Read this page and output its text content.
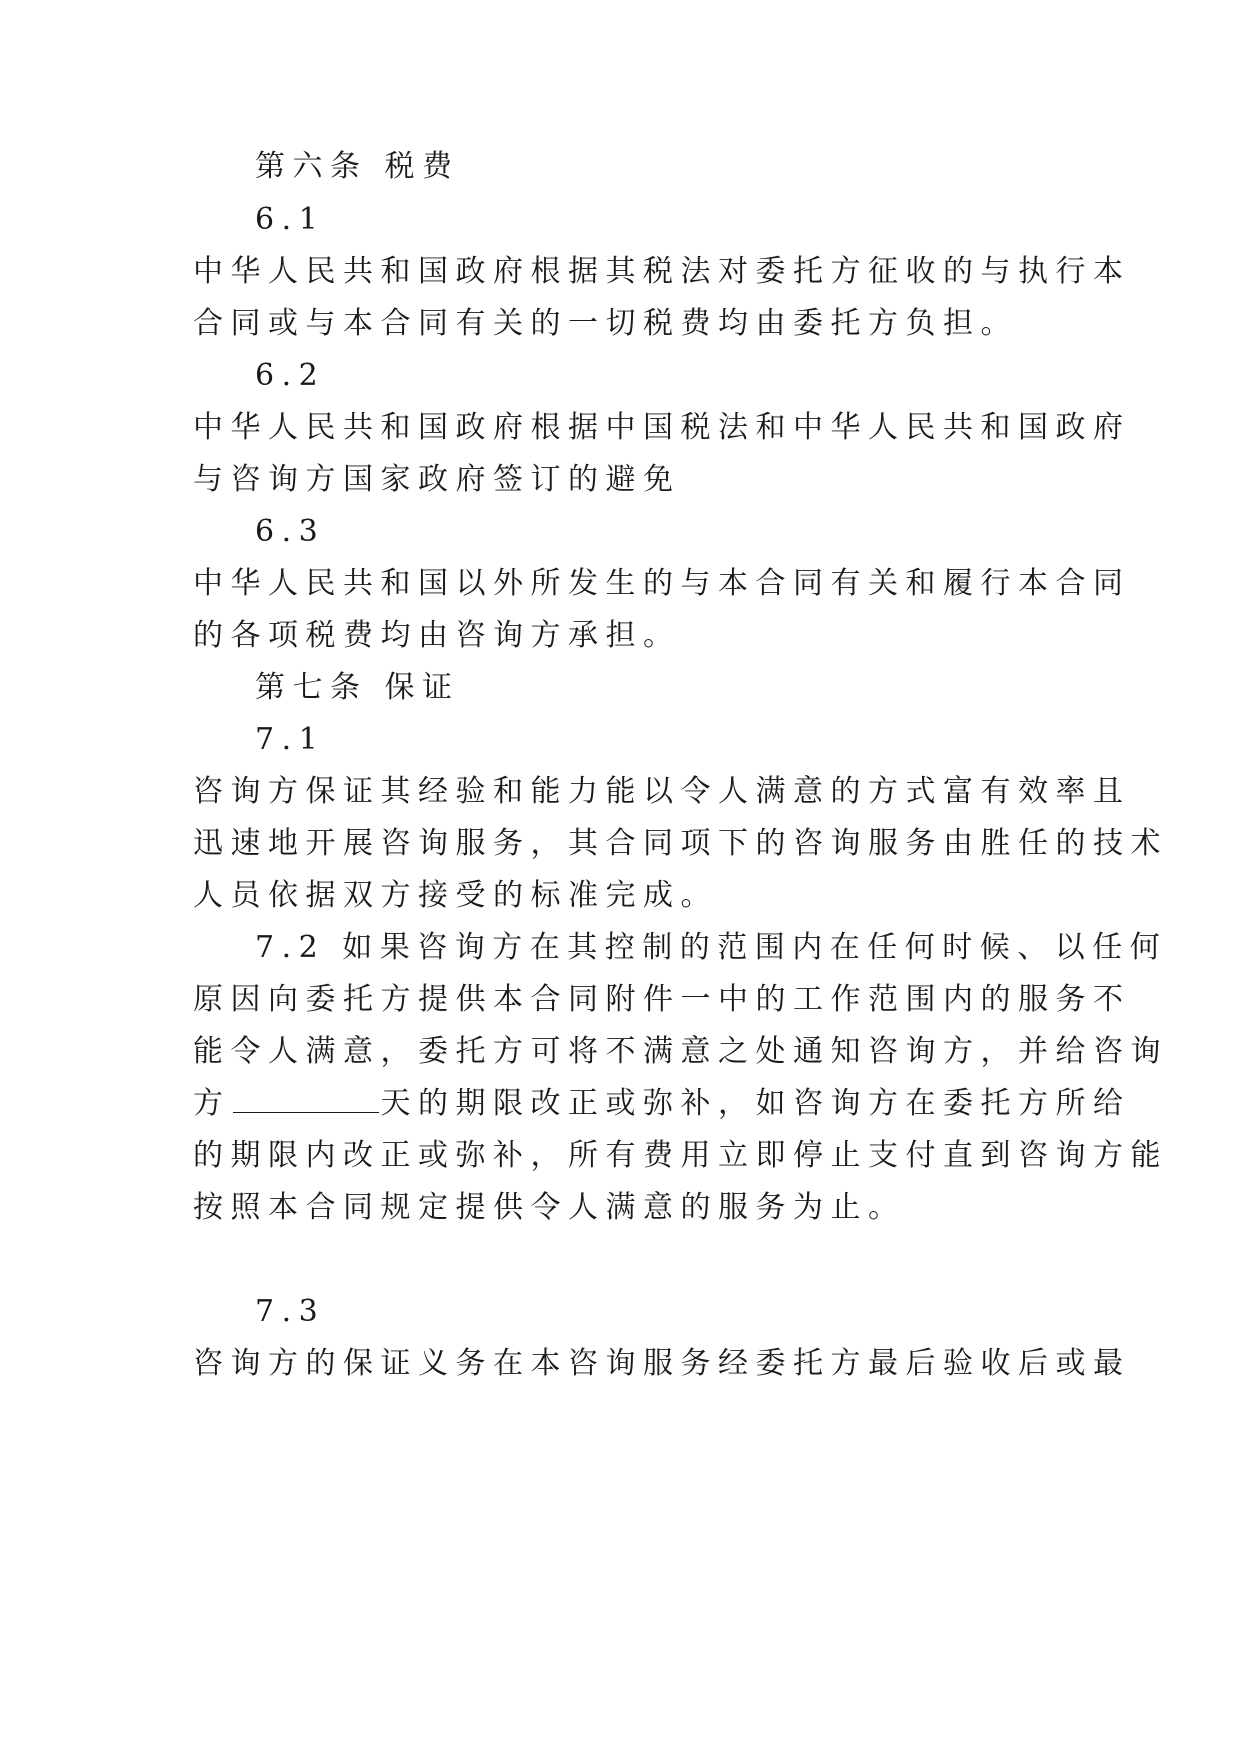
第六条 税费
6.1
中华人民共和国政府根据其税法对委托方征收的与执行本
合同或与本合同有关的一切税费均由委托方负担。
6.2
中华人民共和国政府根据中国税法和中华人民共和国政府
与咨询方国家政府签订的避免
6.3
中华人民共和国以外所发生的与本合同有关和履行本合同
的各项税费均由咨询方承担。
第七条 保证
7.1
咨询方保证其经验和能力能以令人满意的方式富有效率且
迅速地开展咨询服务，其合同项下的咨询服务由胜任的技术
人员依据双方接受的标准完成。
7.2 如果咨询方在其控制的范围内在任何时候、以任何
原因向委托方提供本合同附件一中的工作范围内的服务不
能令人满意，委托方可将不满意之处通知咨询方，并给咨询
方	天的期限改正或弥补，如咨询方在委托方所给
的期限内改正或弥补，所有费用立即停止支付直到咨询方能
按照本合同规定提供令人满意的服务为止。
7.3
咨询方的保证义务在本咨询服务经委托方最后验收后或最
